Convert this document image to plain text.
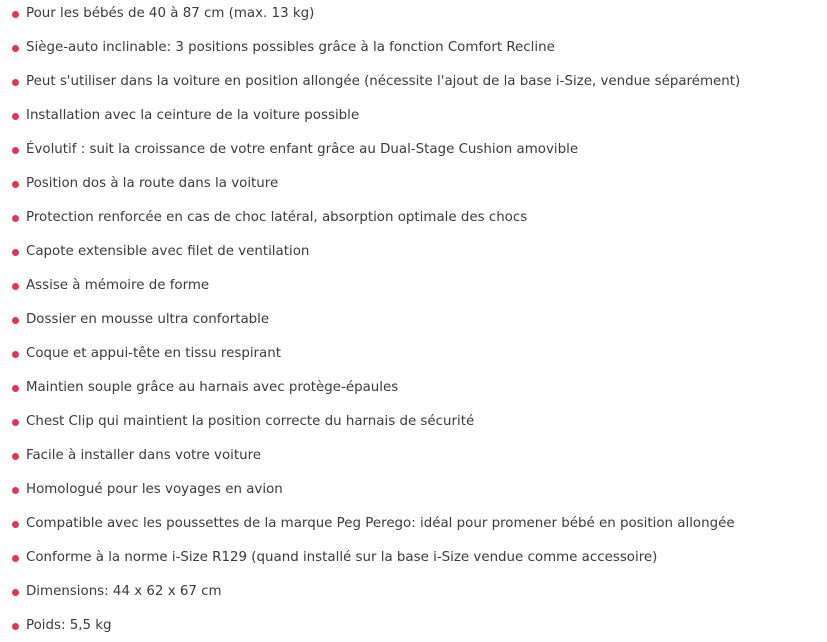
Pour les bébés de 40 à 87 cm (max. 13 kg)
Siège-auto inclinable: 3 positions possibles grâce à la fonction Comfort Recline
Peut s'utiliser dans la voiture en position allongée (nécessite l'ajout de la base i-Size, vendue séparément)
Installation avec la ceinture de la voiture possible
Évolutif : suit la croissance de votre enfant grâce au Dual-Stage Cushion amovible
Position dos à la route dans la voiture
Protection renforcée en cas de choc latéral, absorption optimale des chocs
Capote extensible avec filet de ventilation
Assise à mémoire de forme
Dossier en mousse ultra confortable
Coque et appui-tête en tissu respirant
Maintien souple grâce au harnais avec protège-épaules
Chest Clip qui maintient la position correcte du harnais de sécurité
Facile à installer dans votre voiture
Homologué pour les voyages en avion
Compatible avec les poussettes de la marque Peg Perego: idéal pour promener bébé en position allongée
Conforme à la norme i-Size R129 (quand installé sur la base i-Size vendue comme accessoire)
Dimensions: 44 x 62 x 67 cm
Poids: 5,5 kg
